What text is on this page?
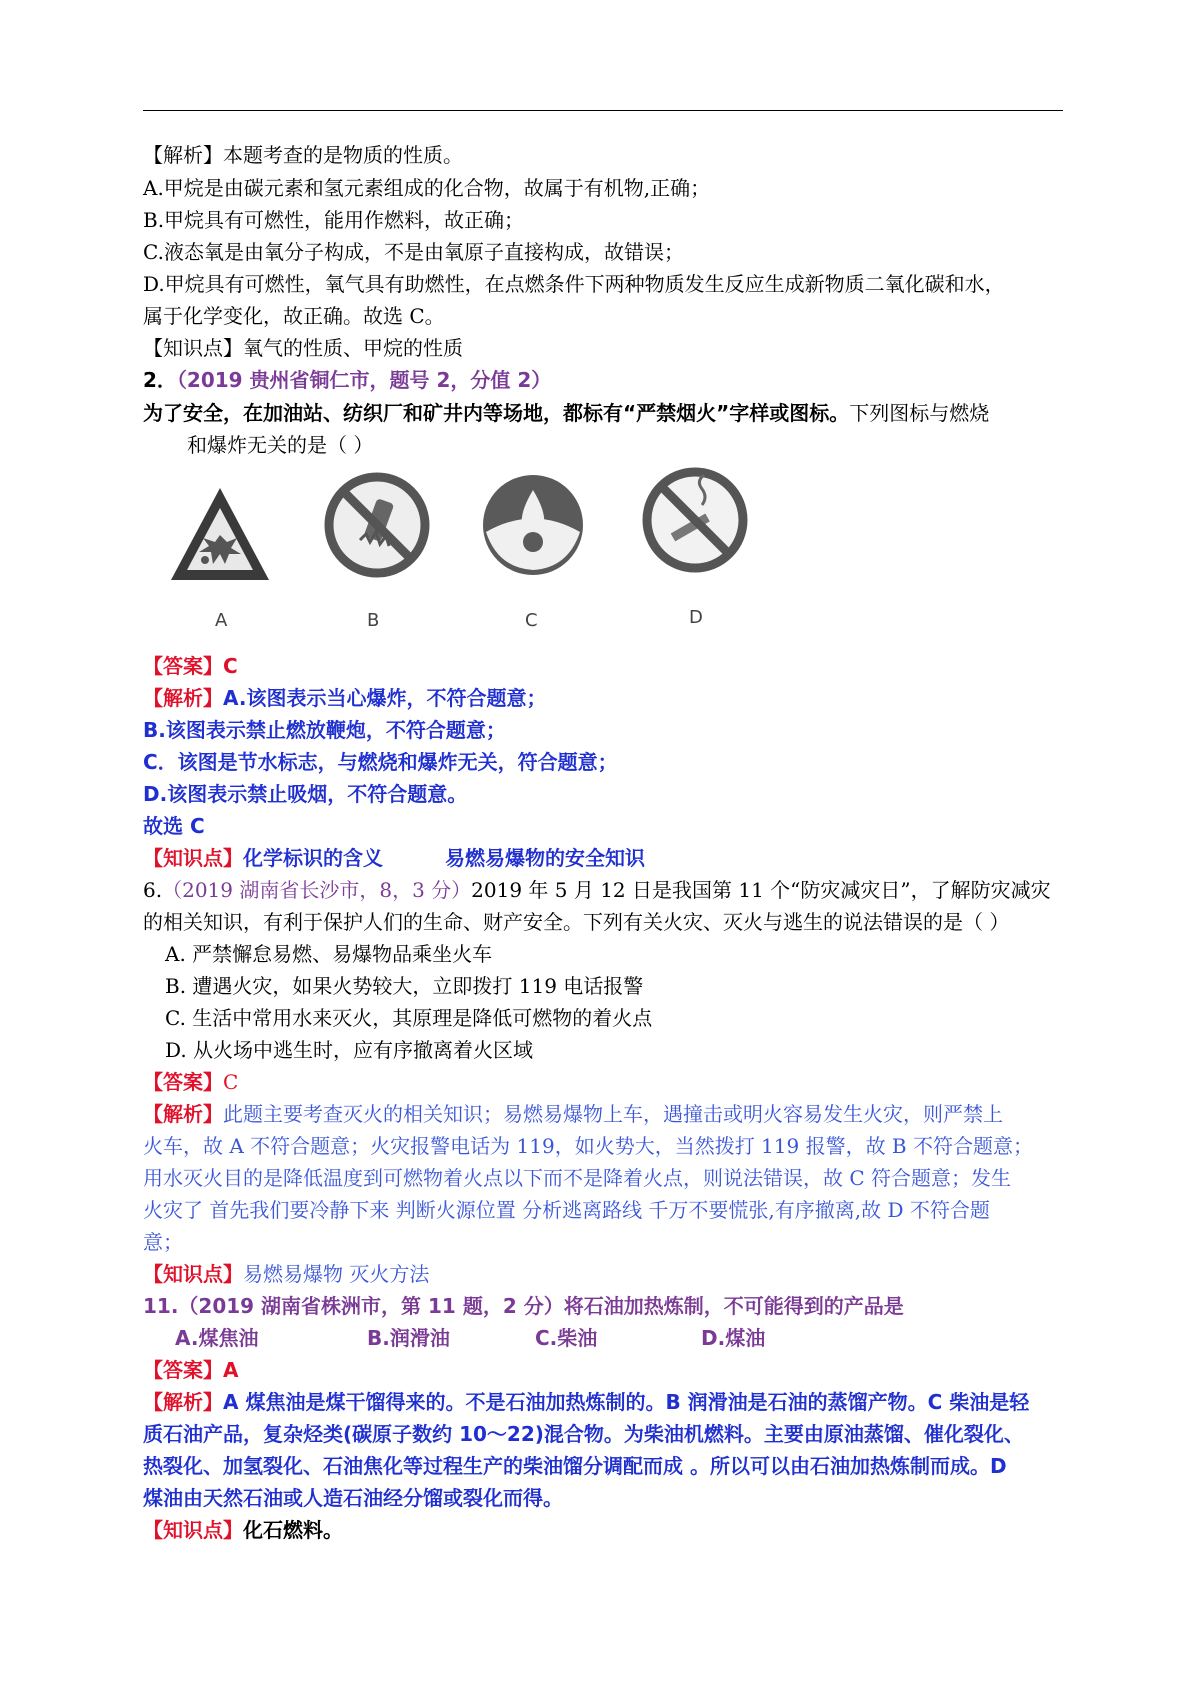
【解析】本题考查的是物质的性质。
A.甲烷是由碳元素和氢元素组成的化合物，故属于有机物,正确；
B.甲烷具有可燃性，能用作燃料，故正确；
C.液态氧是由氧分子构成，不是由氧原子直接构成，故错误；
D.甲烷具有可燃性，氧气具有助燃性，在点燃条件下两种物质发生反应生成新物质二氧化碳和水，
属于化学变化，故正确。故选 C。
【知识点】氧气的性质、甲烷的性质
2．（2019 贵州省铜仁市，题号 2，分值 2）
为了安全，在加油站、纺织厂和矿井内等场地，都标有“严禁烟火”字样或图标。下列图标与燃烧
和爆炸无关的是（ ）
A	B	C	D
【答案】C
【解析】A.该图表示当心爆炸，不符合题意；
B.该图表示禁止燃放鞭炮，不符合题意；
C．该图是节水标志，与燃烧和爆炸无关，符合题意；
D.该图表示禁止吸烟，不符合题意。
故选 C
【知识点】化学标识的含义	易燃易爆物的安全知识
6.（2019 湖南省长沙市，8，3 分）2019 年 5 月 12 日是我国第 11 个“防灾减灾日”，了解防灾减灾
的相关知识，有利于保护人们的生命、财产安全。下列有关火灾、灭火与逃生的说法错误的是（ ）
A. 严禁懈怠易燃、易爆物品乘坐火车
B. 遭遇火灾，如果火势较大，立即拨打 119 电话报警
C. 生活中常用水来灭火，其原理是降低可燃物的着火点
D. 从火场中逃生时，应有序撤离着火区域
【答案】C
【解析】此题主要考查灭火的相关知识；易燃易爆物上车，遇撞击或明火容易发生火灾，则严禁上
火车，故 A 不符合题意；火灾报警电话为 119，如火势大，当然拨打 119 报警，故 B 不符合题意；
用水灭火目的是降低温度到可燃物着火点以下而不是降着火点，则说法错误，故 C 符合题意；发生
火灾了 首先我们要冷静下来 判断火源位置 分析逃离路线 千万不要慌张,有序撤离,故 D 不符合题
意；
【知识点】易燃易爆物 灭火方法
11.（2019 湖南省株洲市，第 11 题，2 分）将石油加热炼制，不可能得到的产品是
A.煤焦油	B.润滑油	C.柴油	D.煤油
【答案】A
【解析】A 煤焦油是煤干馏得来的。不是石油加热炼制的。B 润滑油是石油的蒸馏产物。C 柴油是轻
质石油产品，复杂烃类(碳原子数约 10～22)混合物。为柴油机燃料。主要由原油蒸馏、催化裂化、
热裂化、加氢裂化、石油焦化等过程生产的柴油馏分调配而成 。所以可以由石油加热炼制而成。D
煤油由天然石油或人造石油经分馏或裂化而得。
【知识点】化石燃料。
